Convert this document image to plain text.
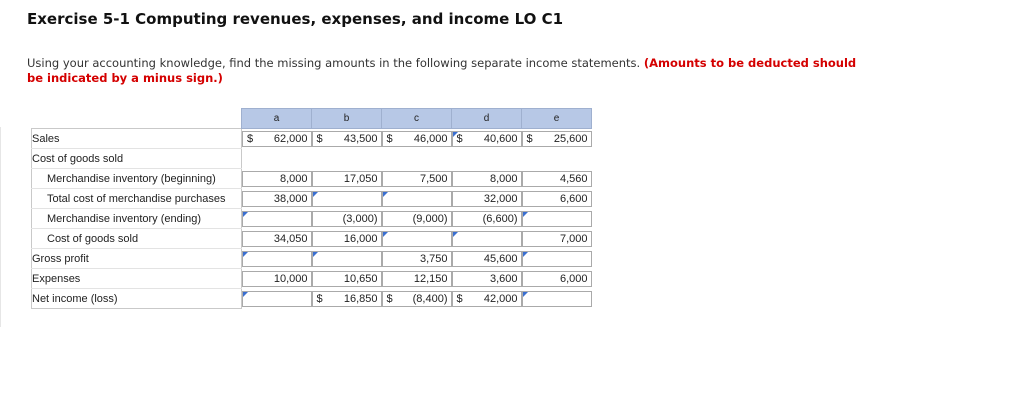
Exercise 5-1 Computing revenues, expenses, and income LO C1
Using your accounting knowledge, find the missing amounts in the following separate income statements. (Amounts to be deducted should be indicated by a minus sign.)
	a	b	c	d	e
Sales	$ 62,000	$ 43,500	$ 46,000	$ 40,600	$ 25,600

Cost of goods sold					
Merchandise inventory (beginning)	8,000	17,050	7,500	8,000	4,560

Total cost of merchandise purchases	38,000			32,000	6,600

Merchandise inventory (ending)		(3,000)	(9,000)	(6,600)	

Cost of goods sold	34,050	16,000			7,000

Gross profit			3,750	45,600	

Expenses	10,000	10,650	12,150	3,600	6,000

Net income (loss)		$ 16,850	$ (8,400)	$ 42,000	
